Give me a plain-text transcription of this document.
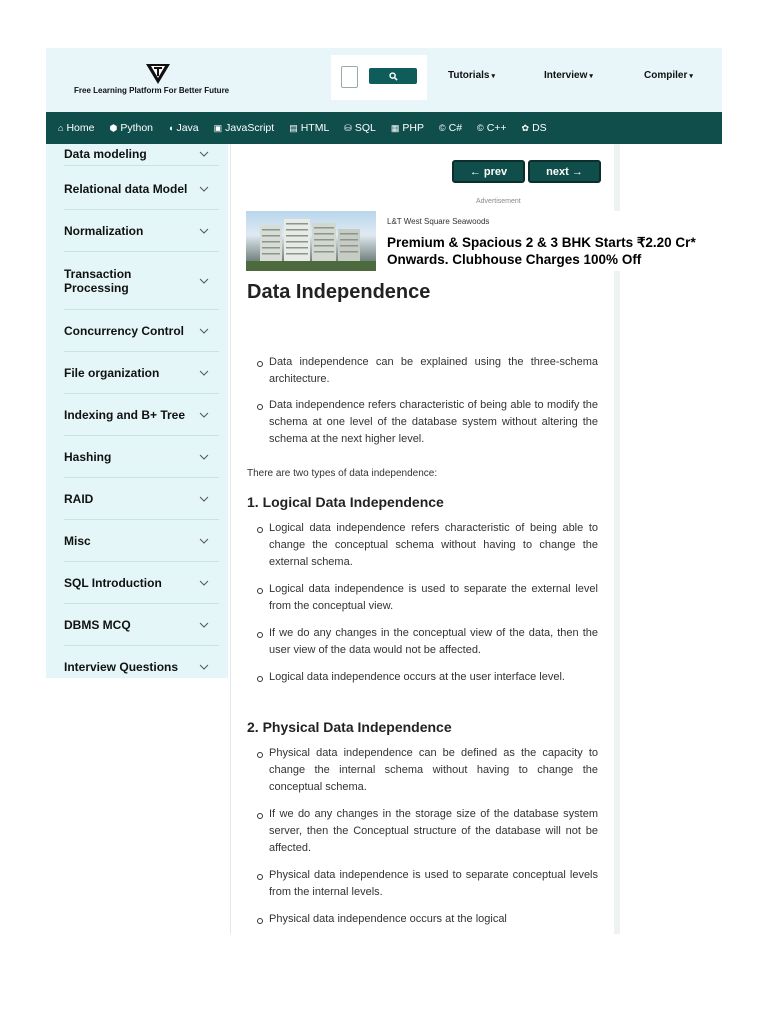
Free Learning Platform For Better Future
Tutorials ▾	Interview ▾	Compiler ▾
⌂ Home ⬢ Python ◖ Java ▣ JavaScript ▤ HTML ⛁ SQL ▦ PHP © C# © C++ ✿ DS
Data modeling
Relational data Model
Normalization
Transaction Processing
Concurrency Control
File organization
Indexing and B+ Tree
Hashing
RAID
Misc
SQL Introduction
DBMS MCQ
Interview Questions
← prev	next →
Advertisement
L&T West Square Seawoods
Premium & Spacious 2 & 3 BHK Starts ₹2.20 Cr* Onwards. Clubhouse Charges 100% Off
Data Independence
Data independence can be explained using the three-schema architecture.
Data independence refers characteristic of being able to modify the schema at one level of the database system without altering the schema at the next higher level.
There are two types of data independence:
1. Logical Data Independence
Logical data independence refers characteristic of being able to change the conceptual schema without having to change the external schema.
Logical data independence is used to separate the external level from the conceptual view.
If we do any changes in the conceptual view of the data, then the user view of the data would not be affected.
Logical data independence occurs at the user interface level.
2. Physical Data Independence
Physical data independence can be defined as the capacity to change the internal schema without having to change the conceptual schema.
If we do any changes in the storage size of the database system server, then the Conceptual structure of the database will not be affected.
Physical data independence is used to separate conceptual levels from the internal levels.
Physical data independence occurs at the logical
